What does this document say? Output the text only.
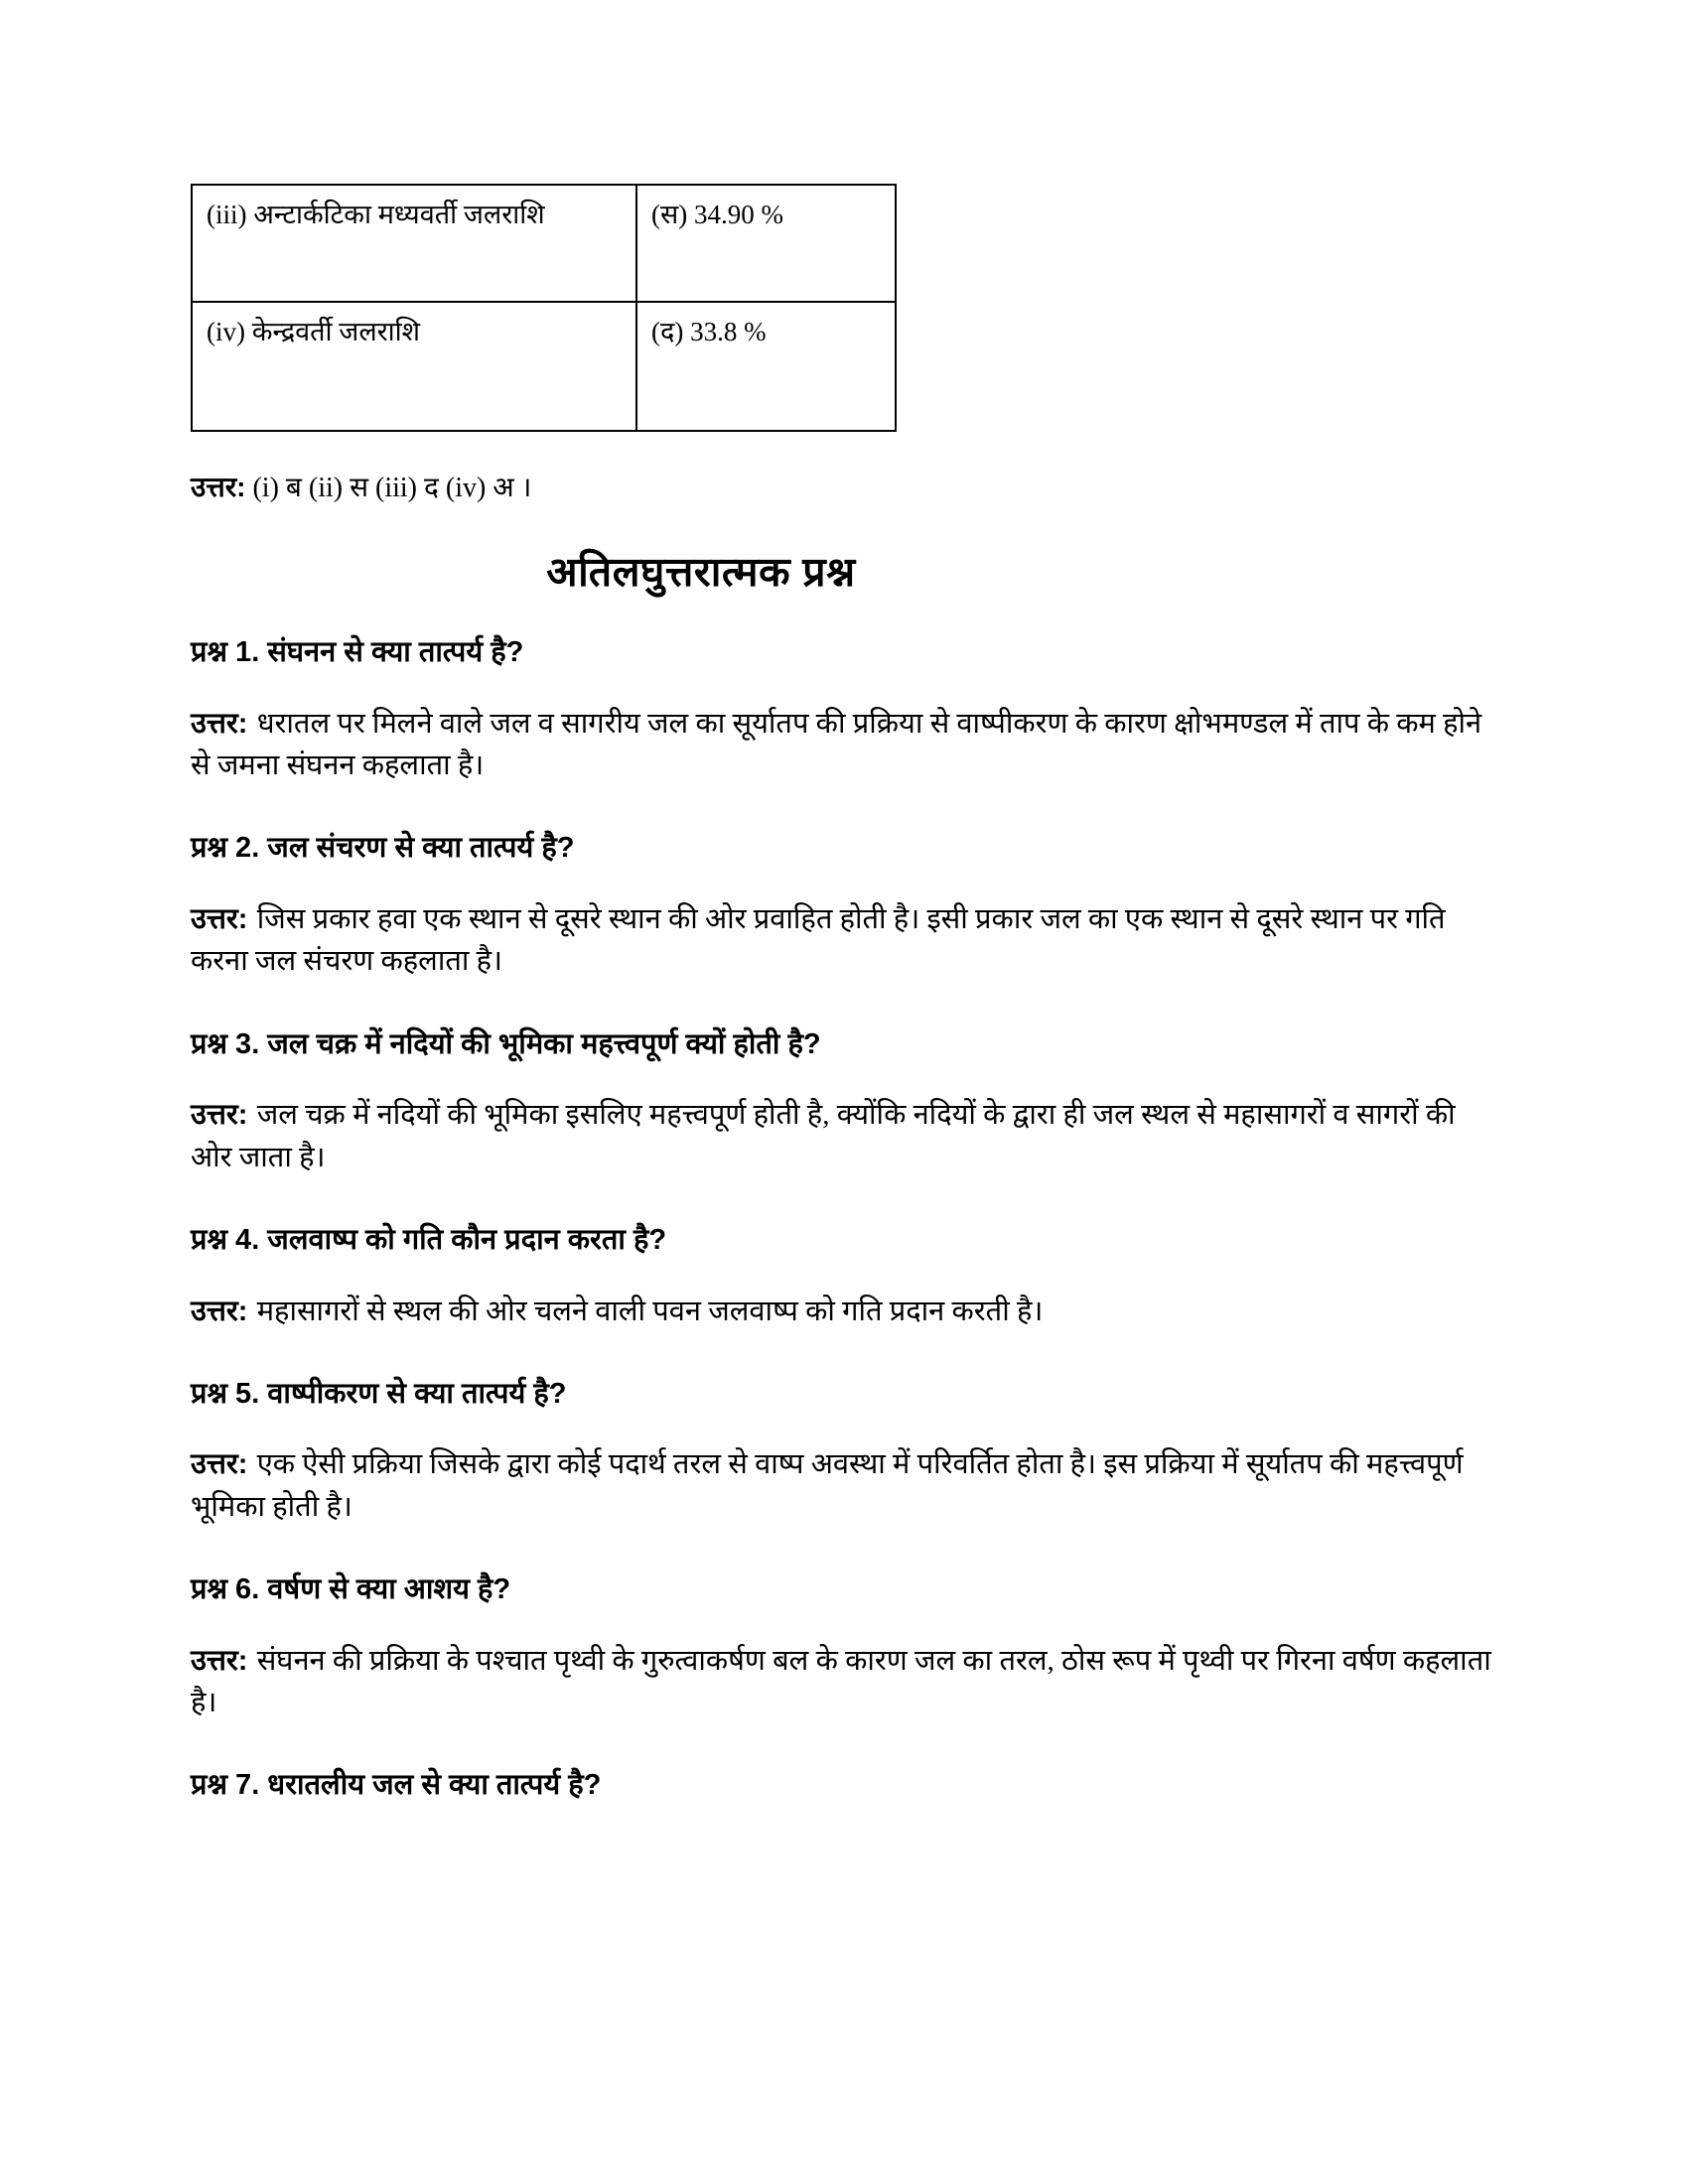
(iii) अन्टार्कटिका मध्यवर्ती जलराशि	(स) 34.90 %
(iv) केन्द्रवर्ती जलराशि	(द) 33.8 %

उत्तर: (i) ब (ii) स (iii) द (iv) अ ।

अतिलघुत्तरात्मक प्रश्न

प्रश्न 1. संघनन से क्या तात्पर्य है?

उत्तर: धरातल पर मिलने वाले जल व सागरीय जल का सूर्यातप की प्रक्रिया से वाष्पीकरण के कारण क्षोभमण्डल में ताप के कम होने से जमना संघनन कहलाता है।

प्रश्न 2. जल संचरण से क्या तात्पर्य है?

उत्तर: जिस प्रकार हवा एक स्थान से दूसरे स्थान की ओर प्रवाहित होती है। इसी प्रकार जल का एक स्थान से दूसरे स्थान पर गति करना जल संचरण कहलाता है।

प्रश्न 3. जल चक्र में नदियों की भूमिका महत्त्वपूर्ण क्यों होती है?

उत्तर: जल चक्र में नदियों की भूमिका इसलिए महत्त्वपूर्ण होती है, क्योंकि नदियों के द्वारा ही जल स्थल से महासागरों व सागरों की ओर जाता है।

प्रश्न 4. जलवाष्प को गति कौन प्रदान करता है?

उत्तर: महासागरों से स्थल की ओर चलने वाली पवन जलवाष्प को गति प्रदान करती है।

प्रश्न 5. वाष्पीकरण से क्या तात्पर्य है?

उत्तर: एक ऐसी प्रक्रिया जिसके द्वारा कोई पदार्थ तरल से वाष्प अवस्था में परिवर्तित होता है। इस प्रक्रिया में सूर्यातप की महत्त्वपूर्ण भूमिका होती है।

प्रश्न 6. वर्षण से क्या आशय है?

उत्तर: संघनन की प्रक्रिया के पश्चात पृथ्वी के गुरुत्वाकर्षण बल के कारण जल का तरल, ठोस रूप में पृथ्वी पर गिरना वर्षण कहलाता है।

प्रश्न 7. धरातलीय जल से क्या तात्पर्य है?
